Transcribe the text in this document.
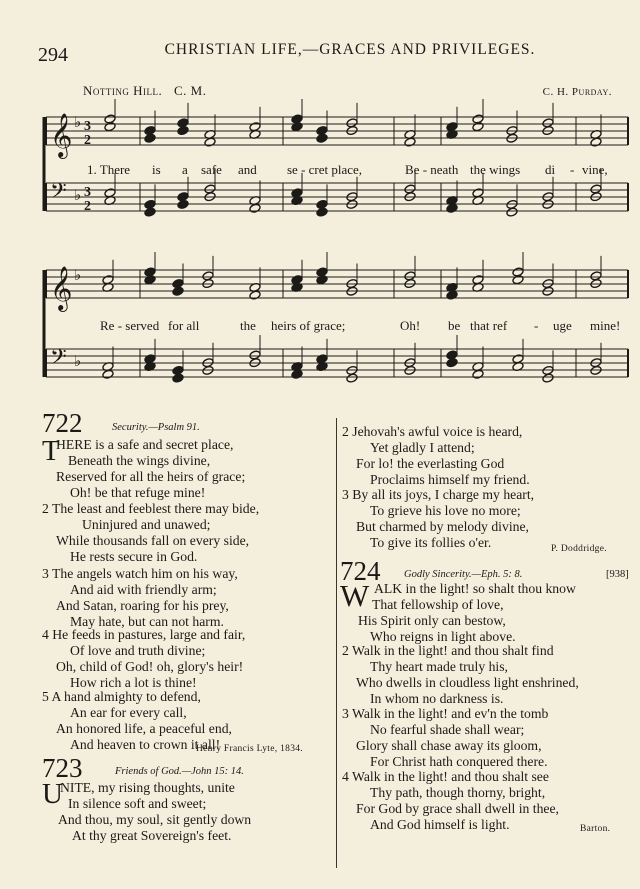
294	CHRISTIAN LIFE,—GRACES AND PRIVILEGES.
Notting Hill. C. M.	C. H. Purday.
𝄞 ♭ 3
2
𝄢 ♭ 3
2
𝄞 ♭
𝄢 ♭
1. There is a safe and se - cret place,	Be - neath the wings di - vine,
Re - served for all	the heirs of grace;	Oh! be that ref - uge mine!
722	Security.—Psalm 91.
T
HERE is a safe and secret place,
Beneath the wings divine,
Reserved for all the heirs of grace;
Oh! be that refuge mine!
2 The least and feeblest there may bide,
Uninjured and unawed;
While thousands fall on every side,
He rests secure in God.
3 The angels watch him on his way,
And aid with friendly arm;
And Satan, roaring for his prey,
May hate, but can not harm.
4 He feeds in pastures, large and fair,
Of love and truth divine;
Oh, child of God! oh, glory's heir!
How rich a lot is thine!
5 A hand almighty to defend,
An ear for every call,
An honored life, a peaceful end,
And heaven to crown it all!
Henry Francis Lyte, 1834.
723	Friends of God.—John 15: 14.
U
NITE, my rising thoughts, unite
In silence soft and sweet;
And thou, my soul, sit gently down
At thy great Sovereign's feet.
2 Jehovah's awful voice is heard,
Yet gladly I attend;
For lo! the everlasting God
Proclaims himself my friend.
3 By all its joys, I charge my heart,
To grieve his love no more;
But charmed by melody divine,
To give its follies o'er.	P. Doddridge.
724 Godly Sincerity.—Eph. 5: 8.	[938]
W ALK in the light! so shalt thou know
That fellowship of love,
His Spirit only can bestow,
Who reigns in light above.
2 Walk in the light! and thou shalt find
Thy heart made truly his,
Who dwells in cloudless light enshrined,
In whom no darkness is.
3 Walk in the light! and ev'n the tomb
No fearful shade shall wear;
Glory shall chase away its gloom,
For Christ hath conquered there.
4 Walk in the light! and thou shalt see
Thy path, though thorny, bright,
For God by grace shall dwell in thee,
And God himself is light.	Barton.
